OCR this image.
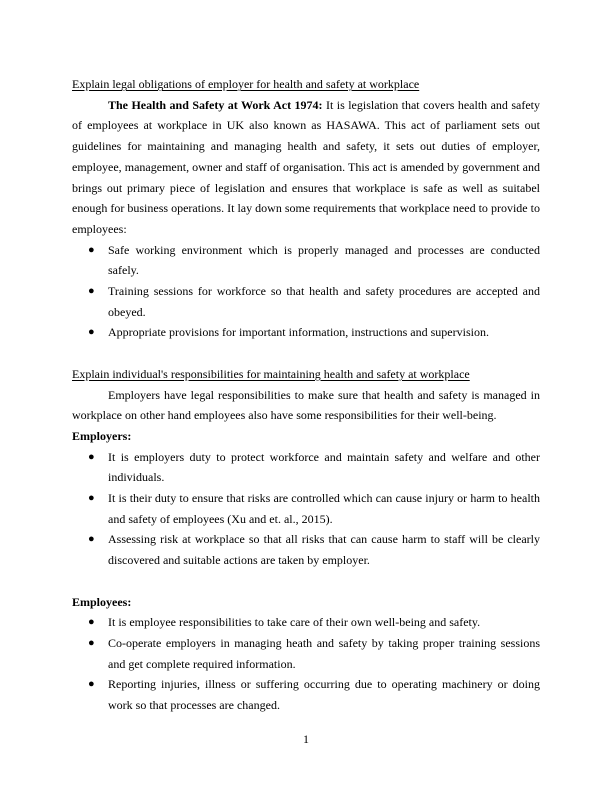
Explain legal obligations of employer for health and safety at workplace

The Health and Safety at Work Act 1974: It is legislation that covers health and safety of employees at workplace in UK also known as HASAWA. This act of parliament sets out guidelines for maintaining and managing health and safety, it sets out duties of employer, employee, management, owner and staff of organisation. This act is amended by government and brings out primary piece of legislation and ensures that workplace is safe as well as suitabel enough for business operations. It lay down some requirements that workplace need to provide to employees:

● Safe working environment which is properly managed and processes are conducted safely.
● Training sessions for workforce so that health and safety procedures are accepted and obeyed.
● Appropriate provisions for important information, instructions and supervision.

Explain individual's responsibilities for maintaining health and safety at workplace

Employers have legal responsibilities to make sure that health and safety is managed in workplace on other hand employees also have some responsibilities for their well-being.

Employers:

● It is employers duty to protect workforce and maintain safety and welfare and other individuals.
● It is their duty to ensure that risks are controlled which can cause injury or harm to health and safety of employees (Xu and et. al., 2015).
● Assessing risk at workplace so that all risks that can cause harm to staff will be clearly discovered and suitable actions are taken by employer.

Employees:

● It is employee responsibilities to take care of their own well-being and safety.
● Co-operate employers in managing heath and safety by taking proper training sessions and get complete required information.
● Reporting injuries, illness or suffering occurring due to operating machinery or doing work so that processes are changed.
1
